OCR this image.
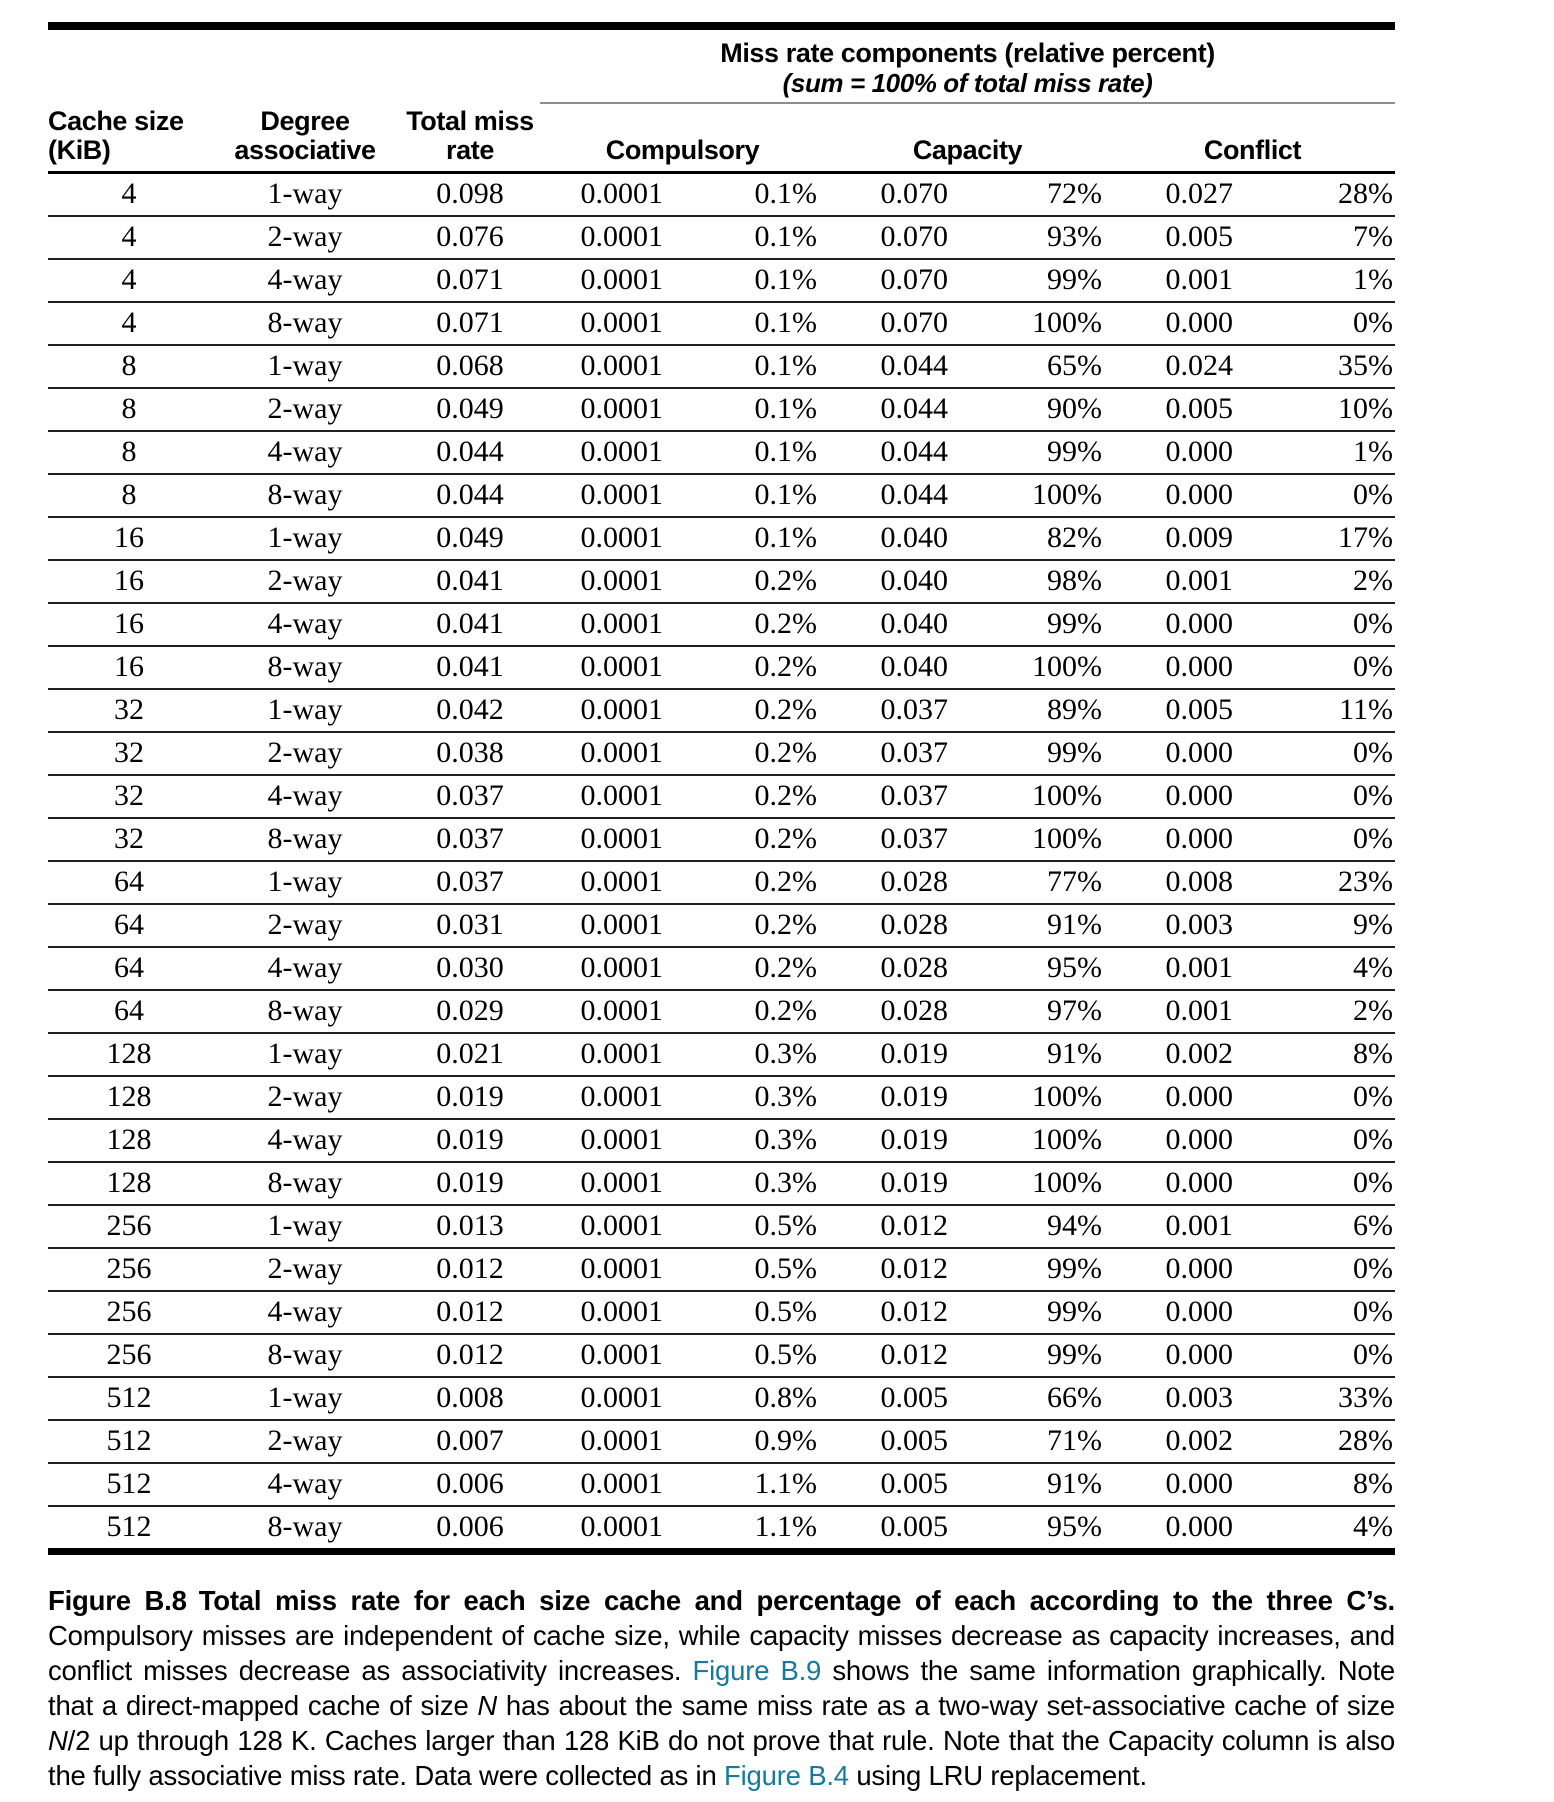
			Miss rate components (relative percent)
(sum = 100% of total miss rate)					

Cache size (KiB)	
Degree
associative

Total miss
rate	Compulsory	Capacity	Conflict
4	1-way	0.098	0.0001	0.1%	0.070	72%	0.027	28%
4	2-way	0.076	0.0001	0.1%	0.070	93%	0.005	7%
4	4-way	0.071	0.0001	0.1%	0.070	99%	0.001	1%
4	8-way	0.071	0.0001	0.1%	0.070	100%	0.000	0%
8	1-way	0.068	0.0001	0.1%	0.044	65%	0.024	35%
8	2-way	0.049	0.0001	0.1%	0.044	90%	0.005	10%
8	4-way	0.044	0.0001	0.1%	0.044	99%	0.000	1%
8	8-way	0.044	0.0001	0.1%	0.044	100%	0.000	0%
16	1-way	0.049	0.0001	0.1%	0.040	82%	0.009	17%
16	2-way	0.041	0.0001	0.2%	0.040	98%	0.001	2%
16	4-way	0.041	0.0001	0.2%	0.040	99%	0.000	0%
16	8-way	0.041	0.0001	0.2%	0.040	100%	0.000	0%
32	1-way	0.042	0.0001	0.2%	0.037	89%	0.005	11%
32	2-way	0.038	0.0001	0.2%	0.037	99%	0.000	0%
32	4-way	0.037	0.0001	0.2%	0.037	100%	0.000	0%
32	8-way	0.037	0.0001	0.2%	0.037	100%	0.000	0%
64	1-way	0.037	0.0001	0.2%	0.028	77%	0.008	23%
64	2-way	0.031	0.0001	0.2%	0.028	91%	0.003	9%
64	4-way	0.030	0.0001	0.2%	0.028	95%	0.001	4%
64	8-way	0.029	0.0001	0.2%	0.028	97%	0.001	2%
128	1-way	0.021	0.0001	0.3%	0.019	91%	0.002	8%
128	2-way	0.019	0.0001	0.3%	0.019	100%	0.000	0%
128	4-way	0.019	0.0001	0.3%	0.019	100%	0.000	0%
128	8-way	0.019	0.0001	0.3%	0.019	100%	0.000	0%
256	1-way	0.013	0.0001	0.5%	0.012	94%	0.001	6%
256	2-way	0.012	0.0001	0.5%	0.012	99%	0.000	0%
256	4-way	0.012	0.0001	0.5%	0.012	99%	0.000	0%
256	8-way	0.012	0.0001	0.5%	0.012	99%	0.000	0%
512	1-way	0.008	0.0001	0.8%	0.005	66%	0.003	33%
512	2-way	0.007	0.0001	0.9%	0.005	71%	0.002	28%
512	4-way	0.006	0.0001	1.1%	0.005	91%	0.000	8%
512	8-way	0.006	0.0001	1.1%	0.005	95%	0.000	4%

Figure B.8 Total miss rate for each size cache and percentage of each according to the three C’s. Compulsory misses are independent of cache size, while capacity misses decrease as capacity increases, and conflict misses decrease as associativity increases. Figure B.9 shows the same information graphically. Note that a direct-mapped cache of size N has about the same miss rate as a two-way set-associative cache of size N/2 up through 128 K. Caches larger than 128 KiB do not prove that rule. Note that the Capacity column is also the fully associative miss rate. Data were collected as in Figure B.4 using LRU replacement.
